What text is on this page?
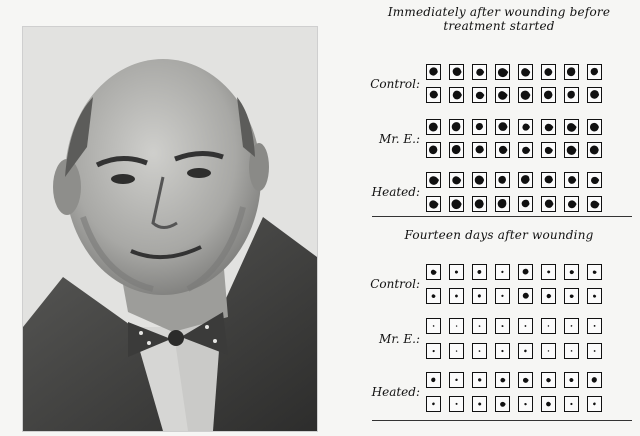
Immediately after wounding before treatment started
Fourteen days after wounding
Control:
Mr. E.:
Heated:
Control:
Mr. E.:
Heated:
